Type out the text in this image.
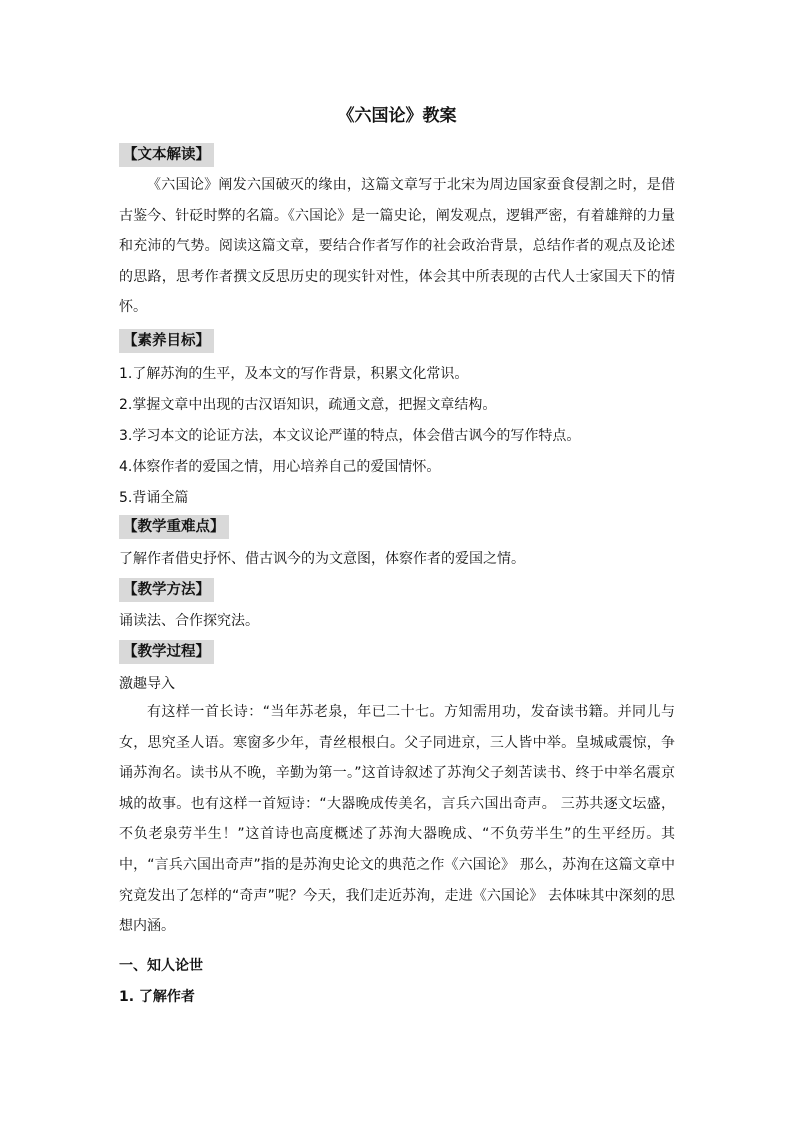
《六国论》教案
【文本解读】

《六国论》阐发六国破灭的缘由，这篇文章写于北宋为周边国家蚕食侵割之时，是借古鉴今、针砭时弊的名篇。《六国论》是一篇史论，阐发观点，逻辑严密，有着雄辩的力量和充沛的气势。阅读这篇文章，要结合作者写作的社会政治背景，总结作者的观点及论述的思路，思考作者撰文反思历史的现实针对性，体会其中所表现的古代人士家国天下的情怀。

【素养目标】

1.了解苏洵的生平，及本文的写作背景，积累文化常识。

2.掌握文章中出现的古汉语知识，疏通文意，把握文章结构。

3.学习本文的论证方法，本文议论严谨的特点，体会借古讽今的写作特点。

4.体察作者的爱国之情，用心培养自己的爱国情怀。

5.背诵全篇

【教学重难点】

了解作者借史抒怀、借古讽今的为文意图，体察作者的爱国之情。

【教学方法】

诵读法、合作探究法。

【教学过程】

激趣导入

有这样一首长诗：“当年苏老泉，年已二十七。方知需用功，发奋读书籍。并同儿与女，思究圣人语。寒窗多少年，青丝根根白。父子同进京，三人皆中举。皇城咸震惊，争诵苏洵名。读书从不晚，辛勤为第一。”这首诗叙述了苏洵父子刻苦读书、终于中举名震京城的故事。也有这样一首短诗：“大器晚成传美名，言兵六国出奇声。 三苏共逐文坛盛，不负老泉劳半生！”这首诗也高度概述了苏洵大器晚成、“不负劳半生”的生平经历。其中，“言兵六国出奇声”指的是苏洵史论文的典范之作《六国论》 那么，苏洵在这篇文章中究竟发出了怎样的“奇声”呢？今天，我们走近苏洵，走进《六国论》 去体味其中深刻的思想内涵。

一、知人论世

1. 了解作者
